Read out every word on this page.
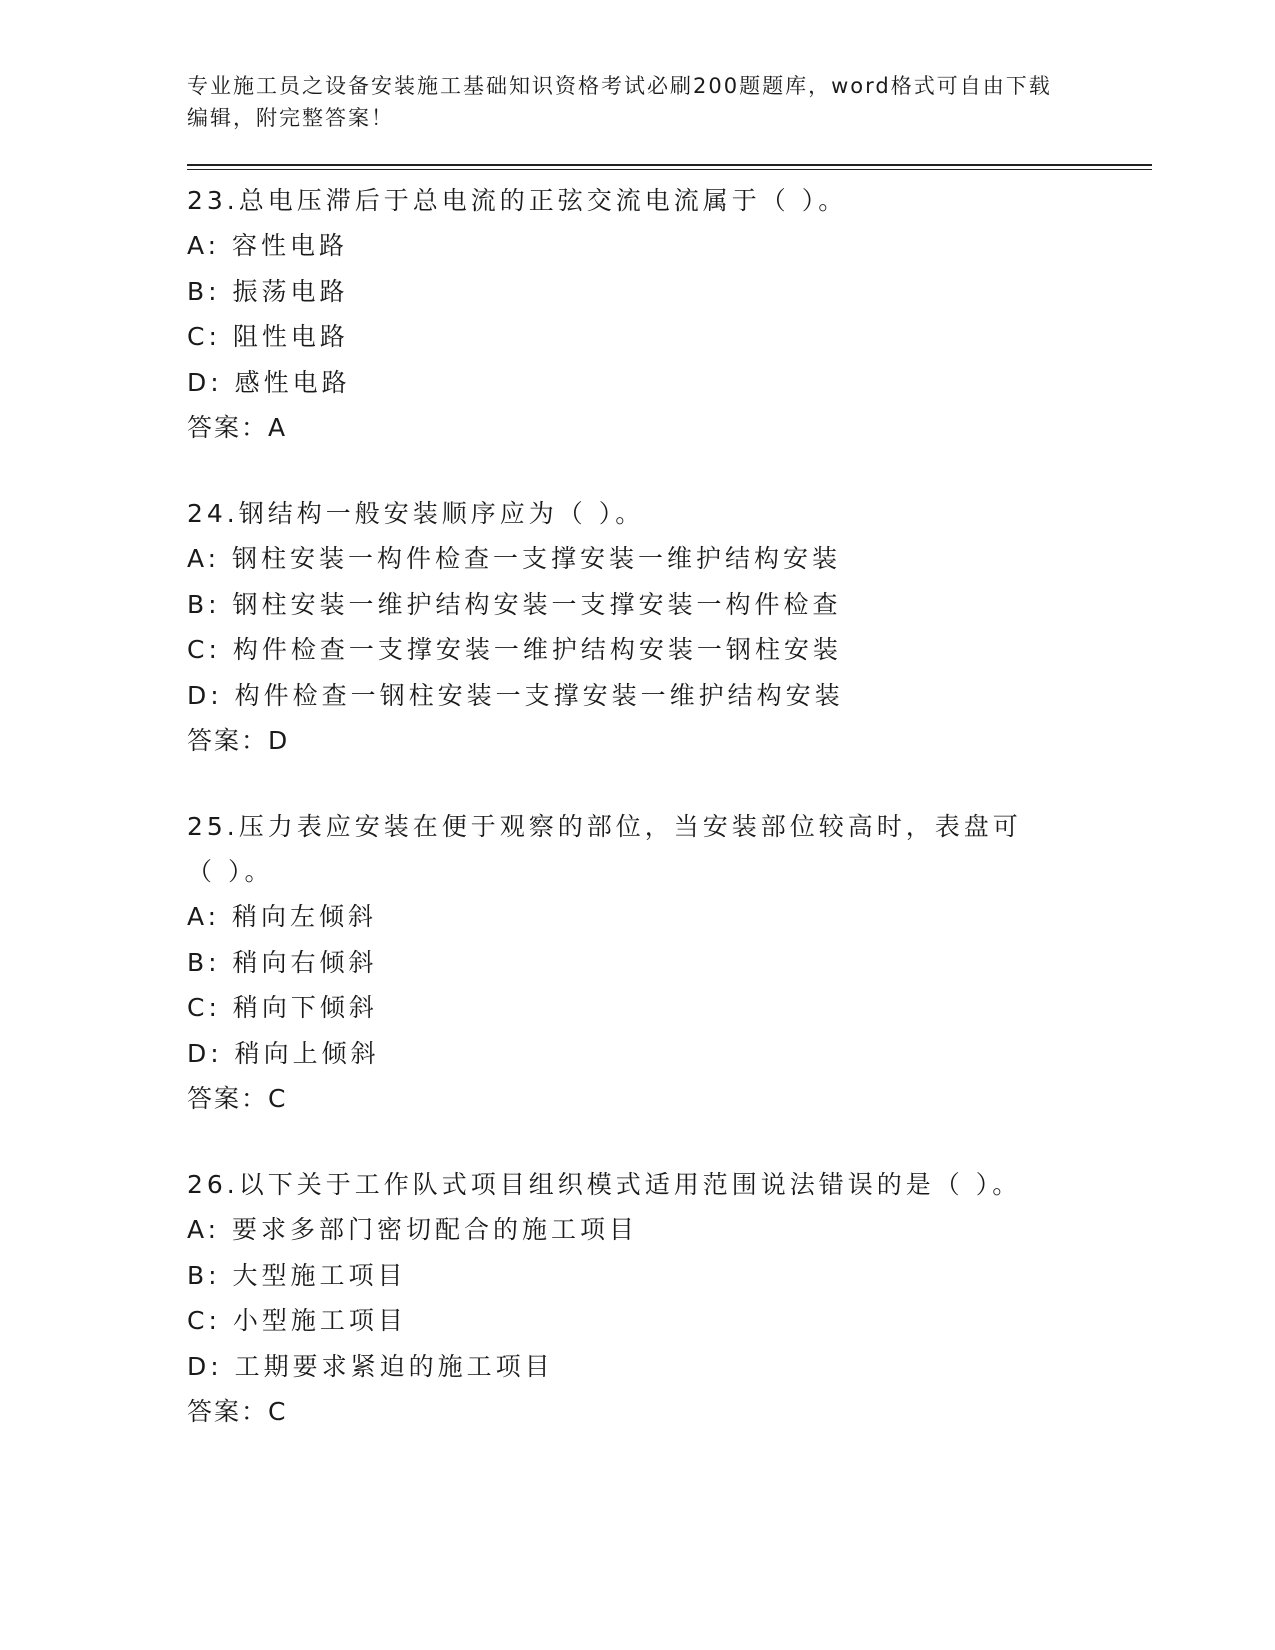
专业施工员之设备安装施工基础知识资格考试必刷200题题库，word格式可自由下载编辑，附完整答案！
23.总电压滞后于总电流的正弦交流电流属于（ ）。
A: 容性电路
B: 振荡电路
C: 阻性电路
D: 感性电路
答案：A
24.钢结构一般安装顺序应为（ ）。
A: 钢柱安装一构件检查一支撑安装一维护结构安装
B: 钢柱安装一维护结构安装一支撑安装一构件检查
C: 构件检查一支撑安装一维护结构安装一钢柱安装
D: 构件检查一钢柱安装一支撑安装一维护结构安装
答案：D
25.压力表应安装在便于观察的部位，当安装部位较高时，表盘可（ ）。
A: 稍向左倾斜
B: 稍向右倾斜
C: 稍向下倾斜
D: 稍向上倾斜
答案：C
26.以下关于工作队式项目组织模式适用范围说法错误的是（ ）。
A: 要求多部门密切配合的施工项目
B: 大型施工项目
C: 小型施工项目
D: 工期要求紧迫的施工项目
答案：C
